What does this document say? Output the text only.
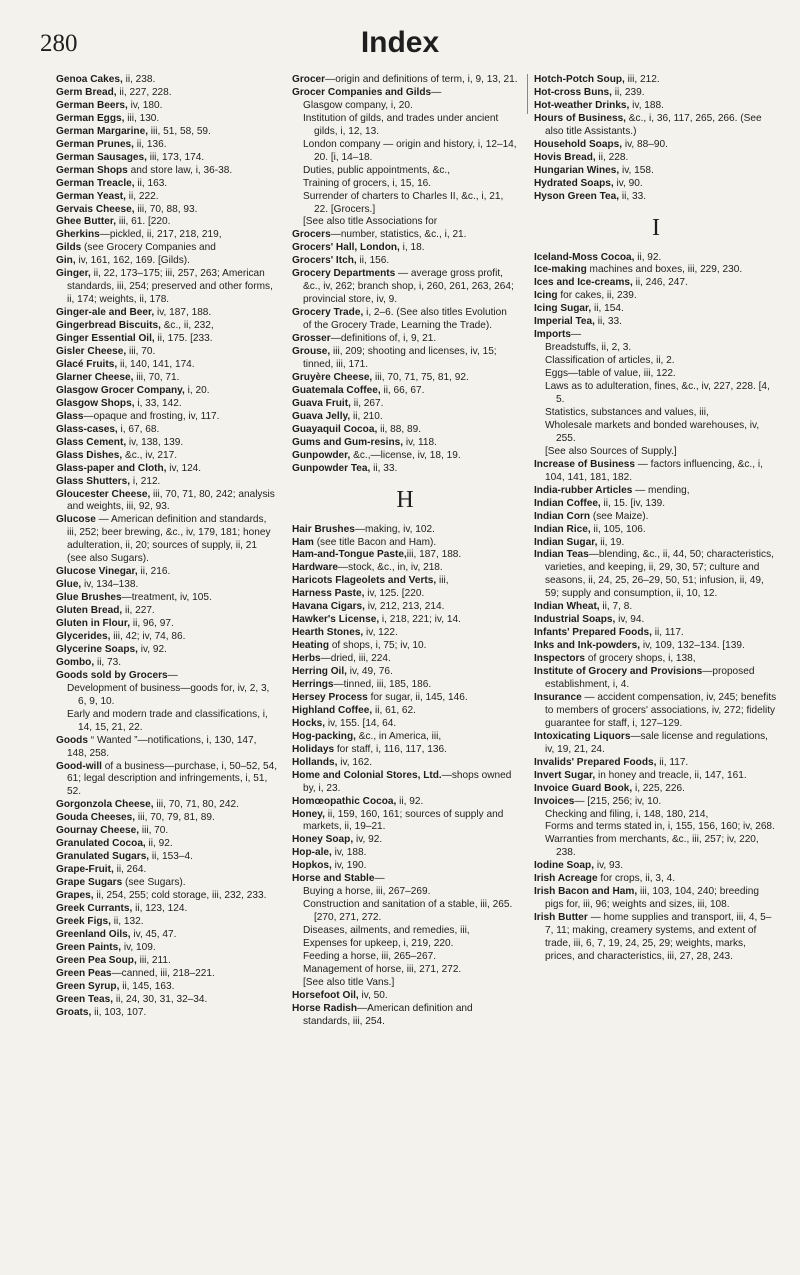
280	Index

Genoa Cakes, ii, 238.

Germ Bread, ii, 227, 228.

German Beers, iv, 180.

German Eggs, iii, 130.

German Margarine, iii, 51, 58, 59.

German Prunes, ii, 136.

German Sausages, iii, 173, 174.

German Shops and store law, i, 36-38.

German Treacle, ii, 163.

German Yeast, ii, 222.

Gervais Cheese, iii, 70, 88, 93.

Ghee Butter, iii, 61. [220.

Gherkins—pickled, ii, 217, 218, 219,

Gilds (see Grocery Companies and

Gin, iv, 161, 162, 169. [Gilds).

Ginger, ii, 22, 173–175; iii, 257, 263; American standards, iii, 254; preserved and other forms, ii, 174; weights, ii, 178.

Ginger-ale and Beer, iv, 187, 188.

Gingerbread Biscuits, &c., ii, 232,

Ginger Essential Oil, ii, 175. [233.

Gisler Cheese, iii, 70.

Glacé Fruits, ii, 140, 141, 174.

Glarner Cheese, iii, 70, 71.

Glasgow Grocer Company, i, 20.

Glasgow Shops, i, 33, 142.

Glass—opaque and frosting, iv, 117.

Glass-cases, i, 67, 68.

Glass Cement, iv, 138, 139.

Glass Dishes, &c., iv, 217.

Glass-paper and Cloth, iv, 124.

Glass Shutters, i, 212.

Gloucester Cheese, iii, 70, 71, 80, 242; analysis and weights, iii, 92, 93.

Glucose — American definition and standards, iii, 252; beer brewing, &c., iv, 179, 181; honey adulteration, ii, 20; sources of supply, ii, 21 (see also Sugars).

Glucose Vinegar, ii, 216.

Glue, iv, 134–138.

Glue Brushes—treatment, iv, 105.

Gluten Bread, ii, 227.

Gluten in Flour, ii, 96, 97.

Glycerides, iii, 42; iv, 74, 86.

Glycerine Soaps, iv, 92.

Gombo, ii, 73.

Goods sold by Grocers—

Development of business—goods for, iv, 2, 3, 6, 9, 10.

Early and modern trade and classifications, i, 14, 15, 21, 22.

Goods “ Wanted ”—notifications, i, 130, 147, 148, 258.

Good-will of a business—purchase, i, 50–52, 54, 61; legal description and infringements, i, 51, 52.

Gorgonzola Cheese, iii, 70, 71, 80, 242.

Gouda Cheeses, iii, 70, 79, 81, 89.

Gournay Cheese, iii, 70.

Granulated Cocoa, ii, 92.

Granulated Sugars, ii, 153–4.

Grape-Fruit, ii, 264.

Grape Sugars (see Sugars).

Grapes, ii, 254, 255; cold storage, iii, 232, 233.

Greek Currants, ii, 123, 124.

Greek Figs, ii, 132.

Greenland Oils, iv, 45, 47.

Green Paints, iv, 109.

Green Pea Soup, iii, 211.

Green Peas—canned, iii, 218–221.

Green Syrup, ii, 145, 163.

Green Teas, ii, 24, 30, 31, 32–34.

Groats, ii, 103, 107.

Grocer—origin and definitions of term, i, 9, 13, 21.

Grocer Companies and Gilds—

Glasgow company, i, 20.

Institution of gilds, and trades under ancient gilds, i, 12, 13.

London company — origin and history, i, 12–14, 20. [i, 14–18.

Duties, public appointments, &c.,

Training of grocers, i, 15, 16.

Surrender of charters to Charles II, &c., i, 21, 22. [Grocers.]

[See also title Associations for

Grocers—number, statistics, &c., i, 21.

Grocers' Hall, London, i, 18.

Grocers' Itch, ii, 156.

Grocery Departments — average gross profit, &c., iv, 262; branch shop, i, 260, 261, 263, 264; provincial store, iv, 9.

Grocery Trade, i, 2–6. (See also titles Evolution of the Grocery Trade, Learning the Trade).

Grosser—definitions of, i, 9, 21.

Grouse, iii, 209; shooting and licenses, iv, 15; tinned, iii, 171.

Gruyère Cheese, iii, 70, 71, 75, 81, 92.

Guatemala Coffee, ii, 66, 67.

Guava Fruit, ii, 267.

Guava Jelly, ii, 210.

Guayaquil Cocoa, ii, 88, 89.

Gums and Gum-resins, iv, 118.

Gunpowder, &c.,—license, iv, 18, 19.

Gunpowder Tea, ii, 33.

H

Hair Brushes—making, iv, 102.

Ham (see title Bacon and Ham).

Ham-and-Tongue Paste,iii, 187, 188.

Hardware—stock, &c., in, iv, 218.

Haricots Flageolets and Verts, iii,

Harness Paste, iv, 125. [220.

Havana Cigars, iv, 212, 213, 214.

Hawker's License, i, 218, 221; iv, 14.

Hearth Stones, iv, 122.

Heating of shops, i, 75; iv, 10.

Herbs—dried, iii, 224.

Herring Oil, iv, 49, 76.

Herrings—tinned, iii, 185, 186.

Hersey Process for sugar, ii, 145, 146.

Highland Coffee, ii, 61, 62.

Hocks, iv, 155. [14, 64.

Hog-packing, &c., in America, iii,

Holidays for staff, i, 116, 117, 136.

Hollands, iv, 162.

Home and Colonial Stores, Ltd.—shops owned by, i, 23.

Homœopathic Cocoa, ii, 92.

Honey, ii, 159, 160, 161; sources of supply and markets, ii, 19–21.

Honey Soap, iv, 92.

Hop-ale, iv, 188.

Hopkos, iv, 190.

Horse and Stable—

Buying a horse, iii, 267–269.

Construction and sanitation of a stable, iii, 265. [270, 271, 272.

Diseases, ailments, and remedies, iii,

Expenses for upkeep, i, 219, 220.

Feeding a horse, iii, 265–267.

Management of horse, iii, 271, 272.

[See also title Vans.]

Horsefoot Oil, iv, 50.

Horse Radish—American definition and standards, iii, 254.

Hotch-Potch Soup, iii, 212.

Hot-cross Buns, ii, 239.

Hot-weather Drinks, iv, 188.

Hours of Business, &c., i, 36, 117, 265, 266. (See also title Assistants.)

Household Soaps, iv, 88–90.

Hovis Bread, ii, 228.

Hungarian Wines, iv, 158.

Hydrated Soaps, iv, 90.

Hyson Green Tea, ii, 33.

I

Iceland-Moss Cocoa, ii, 92.

Ice-making machines and boxes, iii, 229, 230.

Ices and Ice-creams, ii, 246, 247.

Icing for cakes, ii, 239.

Icing Sugar, ii, 154.

Imperial Tea, ii, 33.

Imports—

Breadstuffs, ii, 2, 3.

Classification of articles, ii, 2.

Eggs—table of value, iii, 122.

Laws as to adulteration, fines, &c., iv, 227, 228. [4, 5.

Statistics, substances and values, iii,

Wholesale markets and bonded warehouses, iv, 255.

[See also Sources of Supply.]

Increase of Business — factors influencing, &c., i, 104, 141, 181, 182.

India-rubber Articles — mending,

Indian Coffee, ii, 15. [iv, 139.

Indian Corn (see Maize).

Indian Rice, ii, 105, 106.

Indian Sugar, ii, 19.

Indian Teas—blending, &c., ii, 44, 50; characteristics, varieties, and keeping, ii, 29, 30, 57; culture and seasons, ii, 24, 25, 26–29, 50, 51; infusion, ii, 49, 59; supply and consumption, ii, 10, 12.

Indian Wheat, ii, 7, 8.

Industrial Soaps, iv, 94.

Infants' Prepared Foods, ii, 117.

Inks and Ink-powders, iv, 109, 132–134. [139.

Inspectors of grocery shops, i, 138,

Institute of Grocery and Provisions—proposed establishment, i, 4.

Insurance — accident compensation, iv, 245; benefits to members of grocers' associations, iv, 272; fidelity guarantee for staff, i, 127–129.

Intoxicating Liquors—sale license and regulations, iv, 19, 21, 24.

Invalids' Prepared Foods, ii, 117.

Invert Sugar, in honey and treacle, ii, 147, 161.

Invoice Guard Book, i, 225, 226.

Invoices— [215, 256; iv, 10.

Checking and filing, i, 148, 180, 214,

Forms and terms stated in, i, 155, 156, 160; iv, 268.

Warranties from merchants, &c., iii, 257; iv, 220, 238.

Iodine Soap, iv, 93.

Irish Acreage for crops, ii, 3, 4.

Irish Bacon and Ham, iii, 103, 104, 240; breeding pigs for, iii, 96; weights and sizes, iii, 108.

Irish Butter — home supplies and transport, iii, 4, 5–7, 11; making, creamery systems, and extent of trade, iii, 6, 7, 19, 24, 25, 29; weights, marks, prices, and characteristics, iii, 27, 28, 243.
